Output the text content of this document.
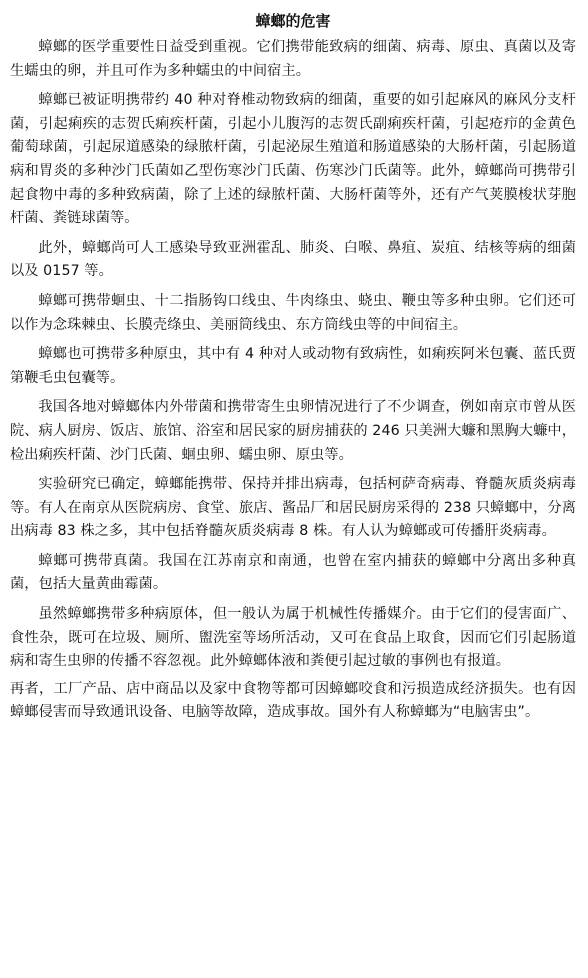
蟑螂的危害

蟑螂的医学重要性日益受到重视。它们携带能致病的细菌、病毒、原虫、真菌以及寄生蠕虫的卵，并且可作为多种蠕虫的中间宿主。

蟑螂已被证明携带约 40 种对脊椎动物致病的细菌，重要的如引起麻风的麻风分支杆菌，引起痢疾的志贺氏痢疾杆菌，引起小儿腹泻的志贺氏副痢疾杆菌，引起疮疖的金黄色葡萄球菌，引起尿道感染的绿脓杆菌，引起泌尿生殖道和肠道感染的大肠杆菌，引起肠道病和胃炎的多种沙门氏菌如乙型伤寒沙门氏菌、伤寒沙门氏菌等。此外，蟑螂尚可携带引起食物中毒的多种致病菌，除了上述的绿脓杆菌、大肠杆菌等外，还有产气荚膜梭状芽胞杆菌、粪链球菌等。

此外，蟑螂尚可人工感染导致亚洲霍乱、肺炎、白喉、鼻疽、炭疽、结核等病的细菌以及 0157 等。

蟑螂可携带蛔虫、十二指肠钩口线虫、牛肉绦虫、蛲虫、鞭虫等多种虫卵。它们还可以作为念珠棘虫、长膜壳绦虫、美丽筒线虫、东方筒线虫等的中间宿主。

蟑螂也可携带多种原虫，其中有 4 种对人或动物有致病性，如痢疾阿米包囊、蓝氏贾第鞭毛虫包囊等。

我国各地对蟑螂体内外带菌和携带寄生虫卵情况进行了不少调查，例如南京市曾从医院、病人厨房、饭店、旅馆、浴室和居民家的厨房捕获的 246 只美洲大蠊和黑胸大蠊中，检出痢疾杆菌、沙门氏菌、蛔虫卵、蠕虫卵、原虫等。

实验研究已确定，蟑螂能携带、保持并排出病毒，包括柯萨奇病毒、脊髓灰质炎病毒等。有人在南京从医院病房、食堂、旅店、酱品厂和居民厨房采得的 238 只蟑螂中，分离出病毒 83 株之多，其中包括脊髓灰质炎病毒 8 株。有人认为蟑螂或可传播肝炎病毒。

蟑螂可携带真菌。我国在江苏南京和南通，也曾在室内捕获的蟑螂中分离出多种真菌，包括大量黄曲霉菌。

虽然蟑螂携带多种病原体，但一般认为属于机械性传播媒介。由于它们的侵害面广、食性杂，既可在垃圾、厕所、盥洗室等场所活动，又可在食品上取食，因而它们引起肠道病和寄生虫卵的传播不容忽视。此外蟑螂体液和粪便引起过敏的事例也有报道。

再者，工厂产品、店中商品以及家中食物等都可因蟑螂咬食和污损造成经济损失。也有因蟑螂侵害而导致通讯设备、电脑等故障，造成事故。国外有人称蟑螂为“电脑害虫”。
